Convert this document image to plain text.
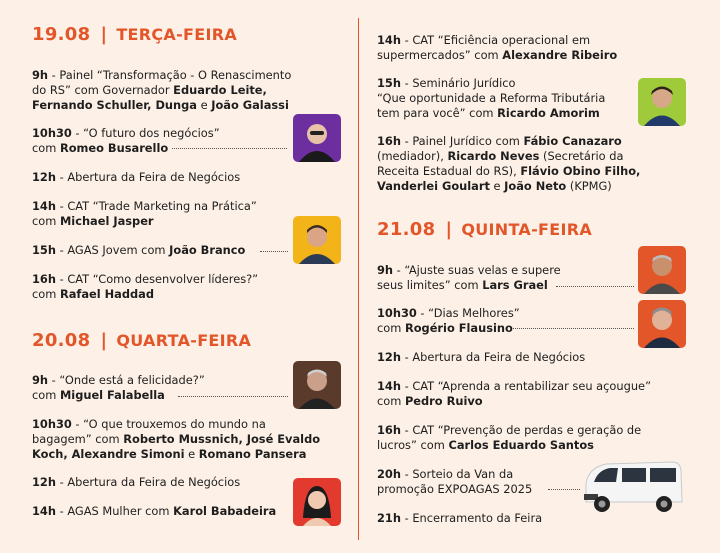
19.08 | TERÇA-FEIRA
9h - Painel “Transformação - O Renascimento
do RS” com Governador Eduardo Leite,
Fernando Schuller, Dunga e João Galassi
10h30 - “O futuro dos negócios”
com Romeo Busarello
12h - Abertura da Feira de Negócios
14h - CAT “Trade Marketing na Prática”
com Michael Jasper
15h - AGAS Jovem com João Branco
16h - CAT “Como desenvolver líderes?”
com Rafael Haddad
20.08 | QUARTA-FEIRA
9h - “Onde está a felicidade?”
com Miguel Falabella
10h30 - “O que trouxemos do mundo na
bagagem” com Roberto Mussnich, José Evaldo
Koch, Alexandre Simoni e Romano Pansera
12h - Abertura da Feira de Negócios
14h - AGAS Mulher com Karol Babadeira
14h - CAT “Eficiência operacional em
supermercados” com Alexandre Ribeiro
15h - Seminário Jurídico
“Que oportunidade a Reforma Tributária
tem para você” com Ricardo Amorim
16h - Painel Jurídico com Fábio Canazaro
(mediador), Ricardo Neves (Secretário da
Receita Estadual do RS), Flávio Obino Filho,
Vanderlei Goulart e João Neto (KPMG)
21.08 | QUINTA-FEIRA
9h - “Ajuste suas velas e supere
seus limites” com Lars Grael
10h30 - “Dias Melhores”
com Rogério Flausino
12h - Abertura da Feira de Negócios
14h - CAT “Aprenda a rentabilizar seu açougue”
com Pedro Ruivo
16h - CAT “Prevenção de perdas e geração de
lucros” com Carlos Eduardo Santos
20h - Sorteio da Van da
promoção EXPOAGAS 2025
21h - Encerramento da Feira
